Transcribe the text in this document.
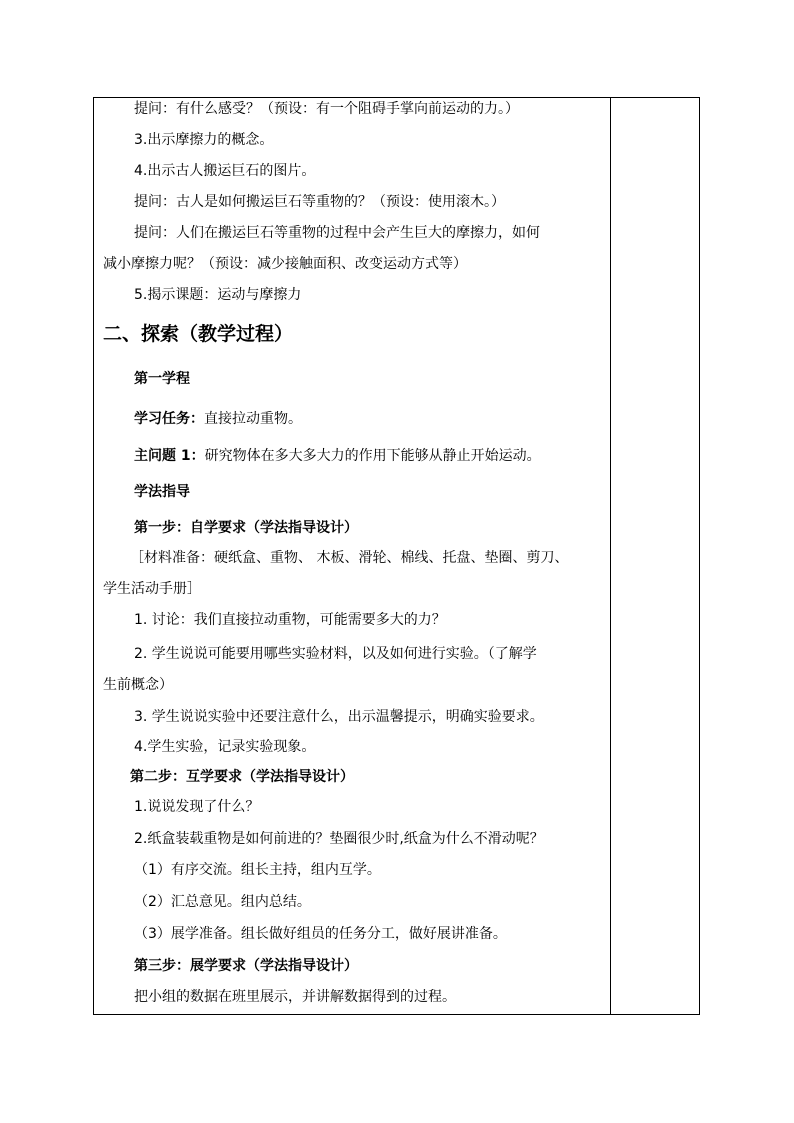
提问：有什么感受？（预设：有一个阻碍手掌向前运动的力。）
3.出示摩擦力的概念。
4.出示古人搬运巨石的图片。
提问：古人是如何搬运巨石等重物的？（预设：使用滚木。）
提问：人们在搬运巨石等重物的过程中会产生巨大的摩擦力，如何
减小摩擦力呢？（预设：减少接触面积、改变运动方式等）
5.揭示课题：运动与摩擦力
二、探索（教学过程）
第一学程
学习任务：直接拉动重物。
主问题 1：研究物体在多大多大力的作用下能够从静止开始运动。
学法指导
第一步：自学要求（学法指导设计）
［材料准备：硬纸盒、重物、 木板、滑轮、棉线、托盘、垫圈、剪刀、
学生活动手册］
1. 讨论：我们直接拉动重物，可能需要多大的力？
2. 学生说说可能要用哪些实验材料，以及如何进行实验。（了解学
生前概念）
3. 学生说说实验中还要注意什么，出示温馨提示，明确实验要求。
4.学生实验，记录实验现象。
第二步：互学要求（学法指导设计）
1.说说发现了什么？
2.纸盒装载重物是如何前进的？垫圈很少时,纸盒为什么不滑动呢？
（1）有序交流。组长主持，组内互学。
（2）汇总意见。组内总结。
（3）展学准备。组长做好组员的任务分工，做好展讲准备。
第三步：展学要求（学法指导设计）
把小组的数据在班里展示，并讲解数据得到的过程。
